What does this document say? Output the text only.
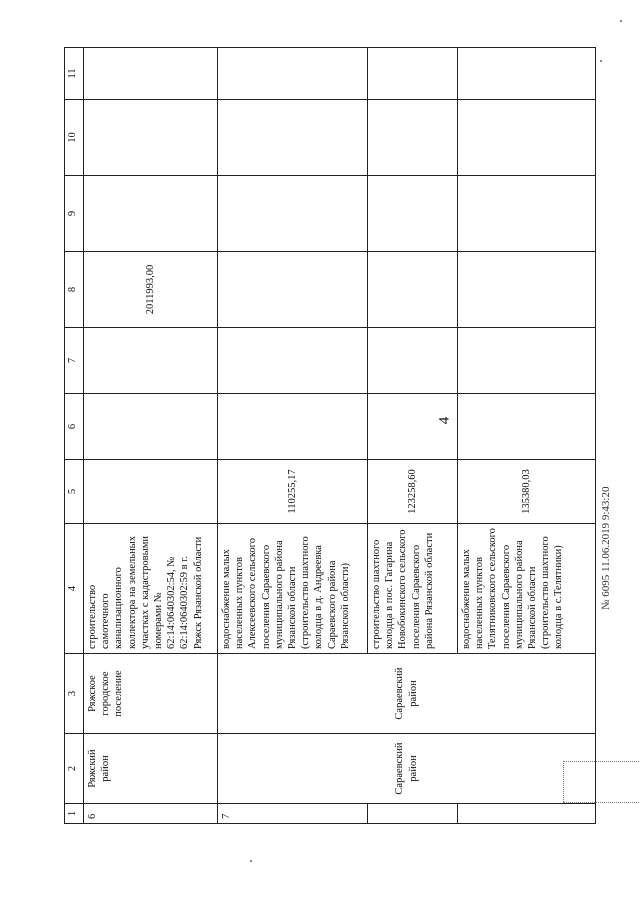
4
1	2	3	4	5	6	7	8	9	10	11
6	Ряжский район	Ряжское городское поселение	строительство самотечного канализационного коллектора на земельных участках с кадастровыми номерами № 62:14:0640302:54, № 62:14:0640302:59 в г. Ряжск Рязанской области				2011993,00			
7	Сараевский район	Сараевский район	водоснабжение малых населенных пунктов Алексеевского сельского поселения Сараевского муниципального района Рязанской области (строительство шахтного колодца в д. Андреевка Сараевского района Рязанской области)	110255,17						
			строительство шахтного колодца в пос. Гагарина Новобокинского сельского поселения Сараевского района Рязанской области	123258,60						
			водоснабжение малых населенных пунктов Телятниковского сельского поселения Сараевского муниципального района Рязанской области (строительство шахтного колодца в с.Телятники)	135380,03							№ 6095 11.06.2019 9:43:20
